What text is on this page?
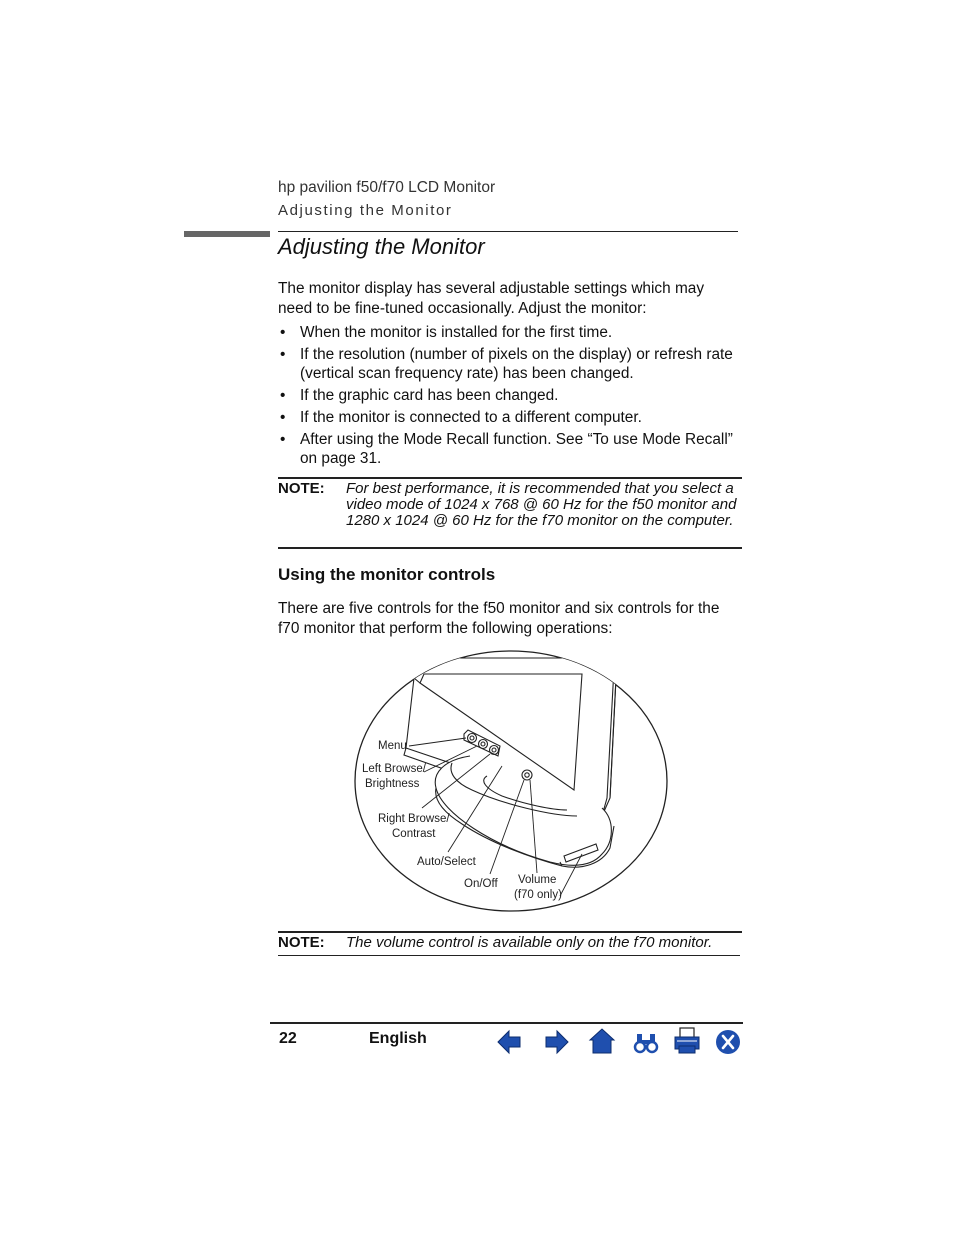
hp pavilion f50/f70 LCD Monitor
Adjusting the Monitor
Adjusting the Monitor
The monitor display has several adjustable settings which may need to be fine-tuned occasionally. Adjust the monitor:
• When the monitor is installed for the first time.
• If the resolution (number of pixels on the display) or refresh rate (vertical scan frequency rate) has been changed.
• If the graphic card has been changed.
• If the monitor is connected to a different computer.
• After using the Mode Recall function. See “To use Mode Recall” on page 31.
NOTE: For best performance, it is recommended that you select a video mode of 1024 x 768 @ 60 Hz for the f50 monitor and 1280 x 1024 @ 60 Hz for the f70 monitor on the computer.
Using the monitor controls
There are five controls for the f50 monitor and six controls for the f70 monitor that perform the following operations:
Menu
Left Browse/
Brightness
Right Browse/
Contrast
Auto/Select
On/Off Volume
(f70 only)
NOTE: The volume control is available only on the f70 monitor.
22	English
